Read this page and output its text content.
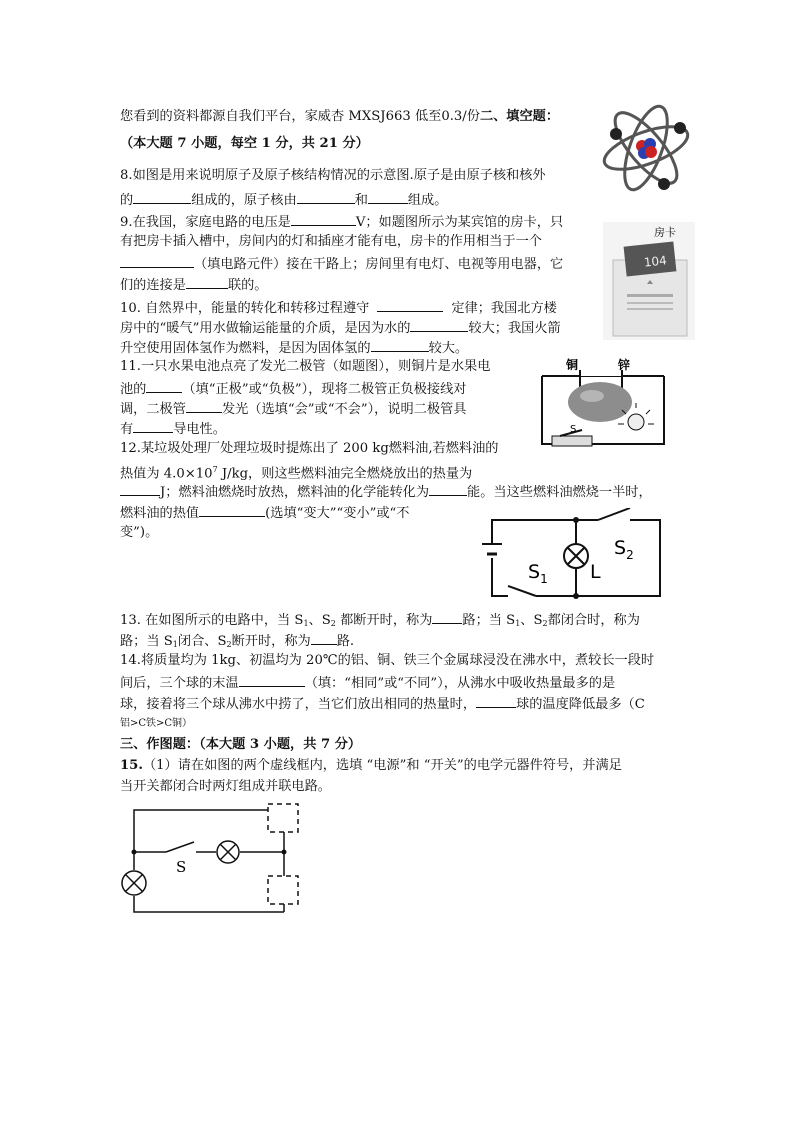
您看到的资料都源自我们平台，家威杏 MXSJ663 低至0.3/份二、填空题：
（本大题 7 小题，每空 1 分，共 21 分）
8.如图是用来说明原子及原子核结构情况的示意图.原子是由原子核和核外
的	组成的，原子核由	和	组成。
9.在我国，家庭电路的电压是	V；如题图所示为某宾馆的房卡，只
有把房卡插入槽中，房间内的灯和插座才能有电，房卡的作用相当于一个
（填电路元件）接在干路上；房间里有电灯、电视等用电器，它
们的连接是	联的。
104
房卡
10. 自然界中，能量的转化和转移过程遵守	定律；我国北方楼
房中的“暖气”用水做输运能量的介质，是因为水的	较大；我国火箭
升空使用固体氢作为燃料，是因为固体氢的	较大。
11.一只水果电池点亮了发光二极管（如题图），则铜片是水果电
池的	（填“正极”或“负极”），现将二极管正负极接线对
调，二极管	发光（选填“会”或“不会”），说明二极管具
有	导电性。
铜	锌
S
12.某垃圾处理厂处理垃圾时提炼出了 200 kg燃料油,若燃料油的
热值为 $4.0\times 10^7$ J/kg，则这些燃料油完全燃烧放出的热量为
J；燃料油燃烧时放热，燃料油的化学能转化为	能。当这些燃料油燃烧一半时，
燃料油的热值	(选填“变大”“变小”或“不
变”)。
$S_1$ L
$S_2$
13. 在如图所示的电路中，当 $S_1$、$S_2$ 都断开时，称为 路；当 $S_1$、$S_2$都闭合时，称为
路；当 $S_1$闭合、$S_2$断开时，称为 路.
14.将质量均为 1kg、初温均为 20℃的铝、铜、铁三个金属球浸没在沸水中，煮较长一段时
间后，三个球的末温	（填：“相同”或“不同”），从沸水中吸收热量最多的是
球，接着将三个球从沸水中捞了，当它们放出相同的热量时，	球的温度降低最多（C
铝>C铁>C铜）
三、作图题：（本大题 3 小题，共 7 分）
15.（1）请在如图的两个虚线框内，选填 “电源”和 “开关”的电学元器件符号，并满足
当开关都闭合时两灯组成并联电路。
S
